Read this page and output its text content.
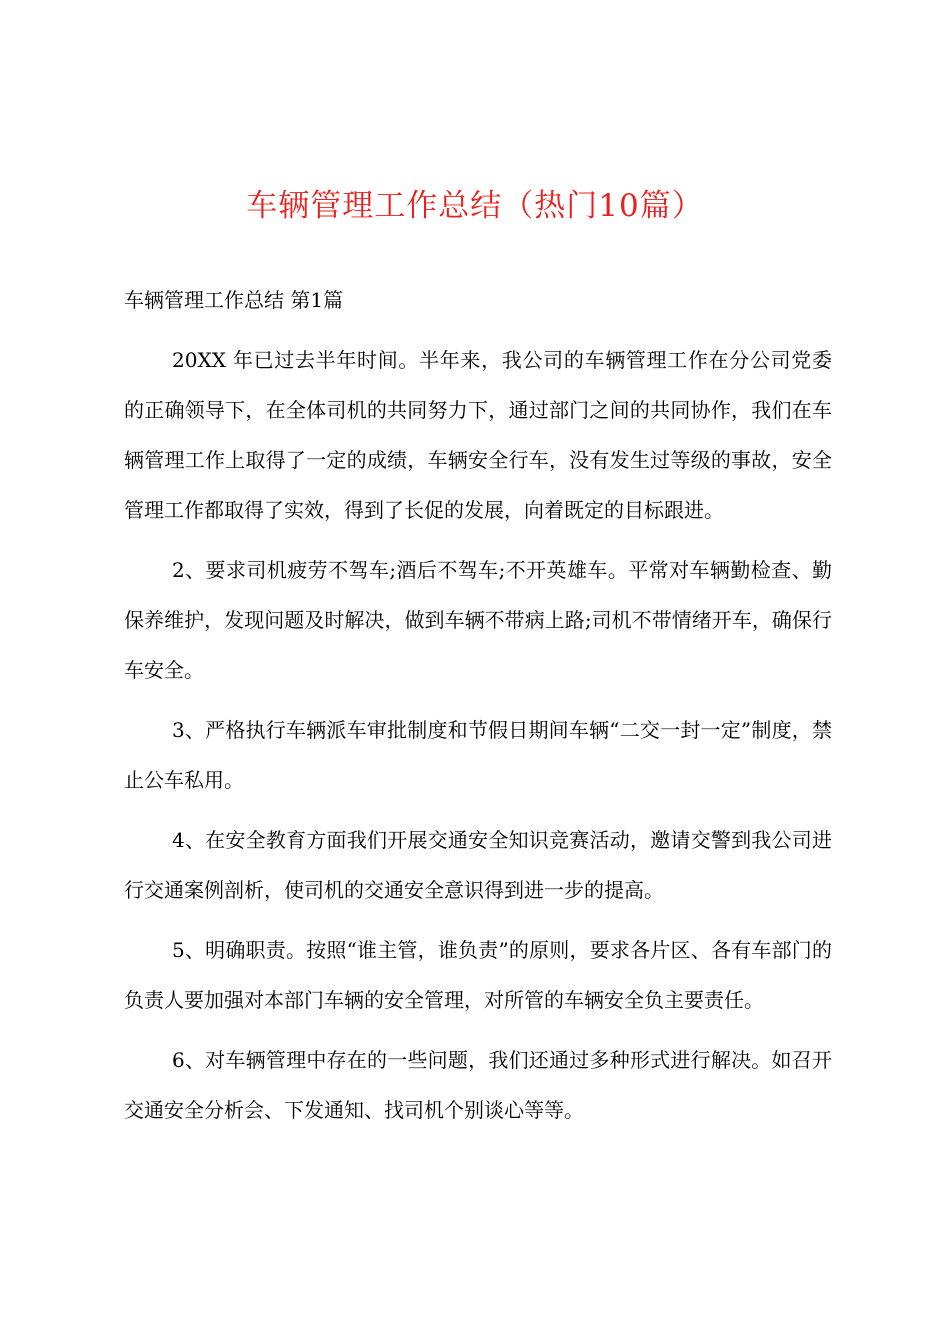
车辆管理工作总结（热门10篇）
车辆管理工作总结 第1篇

20XX 年已过去半年时间。半年来，我公司的车辆管理工作在分公司党委的正确领导下，在全体司机的共同努力下，通过部门之间的共同协作，我们在车辆管理工作上取得了一定的成绩，车辆安全行车，没有发生过等级的事故，安全管理工作都取得了实效，得到了长促的发展，向着既定的目标跟进。

2、要求司机疲劳不驾车;酒后不驾车;不开英雄车。平常对车辆勤检查、勤保养维护，发现问题及时解决，做到车辆不带病上路;司机不带情绪开车，确保行车安全。

3、严格执行车辆派车审批制度和节假日期间车辆“二交一封一定”制度，禁止公车私用。

4、在安全教育方面我们开展交通安全知识竞赛活动，邀请交警到我公司进行交通案例剖析，使司机的交通安全意识得到进一步的提高。

5、明确职责。按照“谁主管，谁负责”的原则，要求各片区、各有车部门的负责人要加强对本部门车辆的安全管理，对所管的车辆安全负主要责任。

6、对车辆管理中存在的一些问题，我们还通过多种形式进行解决。如召开交通安全分析会、下发通知、找司机个别谈心等等。
